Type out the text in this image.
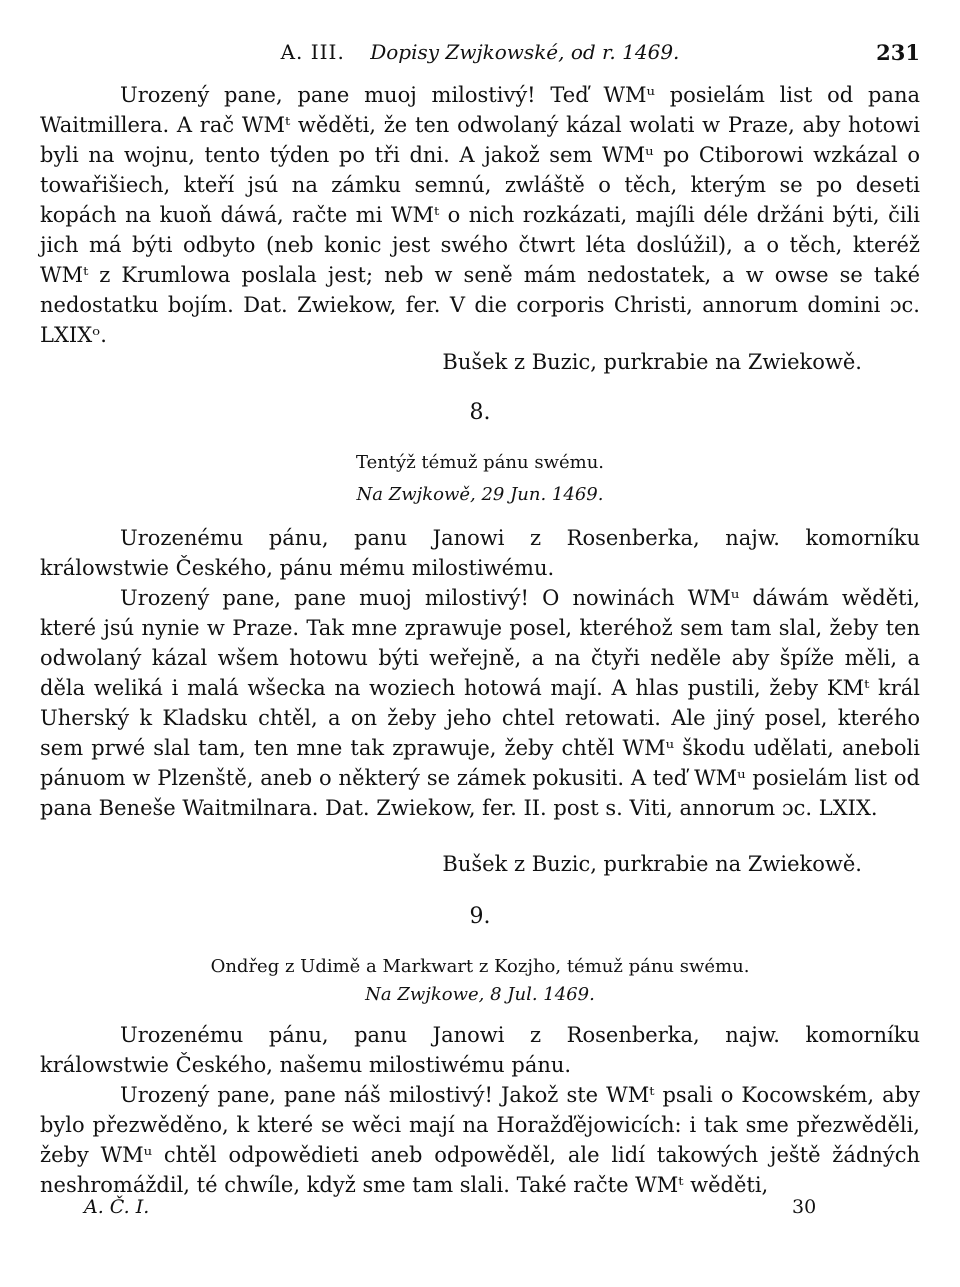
A. III. Dopisy Zwjkowské, od r. 1469.	231

Urozený pane, pane muoj milostivý! Teď WMᵘ posielám list od pana Waitmillera. A rač WMᵗ wěděti, že ten odwolaný kázal wolati w Praze, aby hotowi byli na wojnu, tento týden po tři dni. A jakož sem WMᵘ po Ctiborowi wzkázal o towařišiech, kteří jsú na zámku semnú, zwláště o těch, kterým se po deseti kopách na kuoň dáwá, račte mi WMᵗ o nich rozkázati, majíli déle držáni býti, čili jich má býti odbyto (neb konic jest swého čtwrt léta doslúžil), a o těch, kteréž WMᵗ z Krumlowa poslala jest; neb w seně mám nedostatek, a w owse se také nedostatku bojím. Dat. Zwiekow, fer. V die corporis Christi, annorum domini ɔc. LXIXᵒ.

Bušek z Buzic, purkrabie na Zwiekowě.
8.
Tentýž témuž pánu swému.
Na Zwjkowě, 29 Jun. 1469.

Urozenému pánu, panu Janowi z Rosenberka, najw. komorníku králowstwie Českého, pánu mému milostiwému.

Urozený pane, pane muoj milostivý! O nowinách WMᵘ dáwám wěděti, které jsú nynie w Praze. Tak mne zprawuje posel, kteréhož sem tam slal, žeby ten odwolaný kázal wšem hotowu býti weřejně, a na čtyři neděle aby špíže měli, a děla weliká i malá wšecka na woziech hotowá mají. A hlas pustili, žeby KMᵗ král Uherský k Kladsku chtěl, a on žeby jeho chtel retowati. Ale jiný posel, kterého sem prwé slal tam, ten mne tak zprawuje, žeby chtěl WMᵘ škodu udělati, aneboli pánuom w Plzenště, aneb o některý se zámek pokusiti. A teď WMᵘ posielám list od pana Beneše Waitmilnara. Dat. Zwiekow, fer. II. post s. Viti, annorum ɔc. LXIX.

Bušek z Buzic, purkrabie na Zwiekowě.
9.
Ondřeg z Udimě a Markwart z Kozjho, témuž pánu swému.
Na Zwjkowe, 8 Jul. 1469.

Urozenému pánu, panu Janowi z Rosenberka, najw. komorníku králowstwie Českého, našemu milostiwému pánu.

Urozený pane, pane náš milostivý! Jakož ste WMᵗ psali o Kocowském, aby bylo přezwěděno, k které se wěci mají na Horažďějowicích: i tak sme přezwěděli, žeby WMᵘ chtěl odpowědieti aneb odpowěděl, ale lidí takowých ještě žádných neshromáždil, té chwíle, když sme tam slali. Také račte WMᵗ wěděti,

A. Č. I.	30
